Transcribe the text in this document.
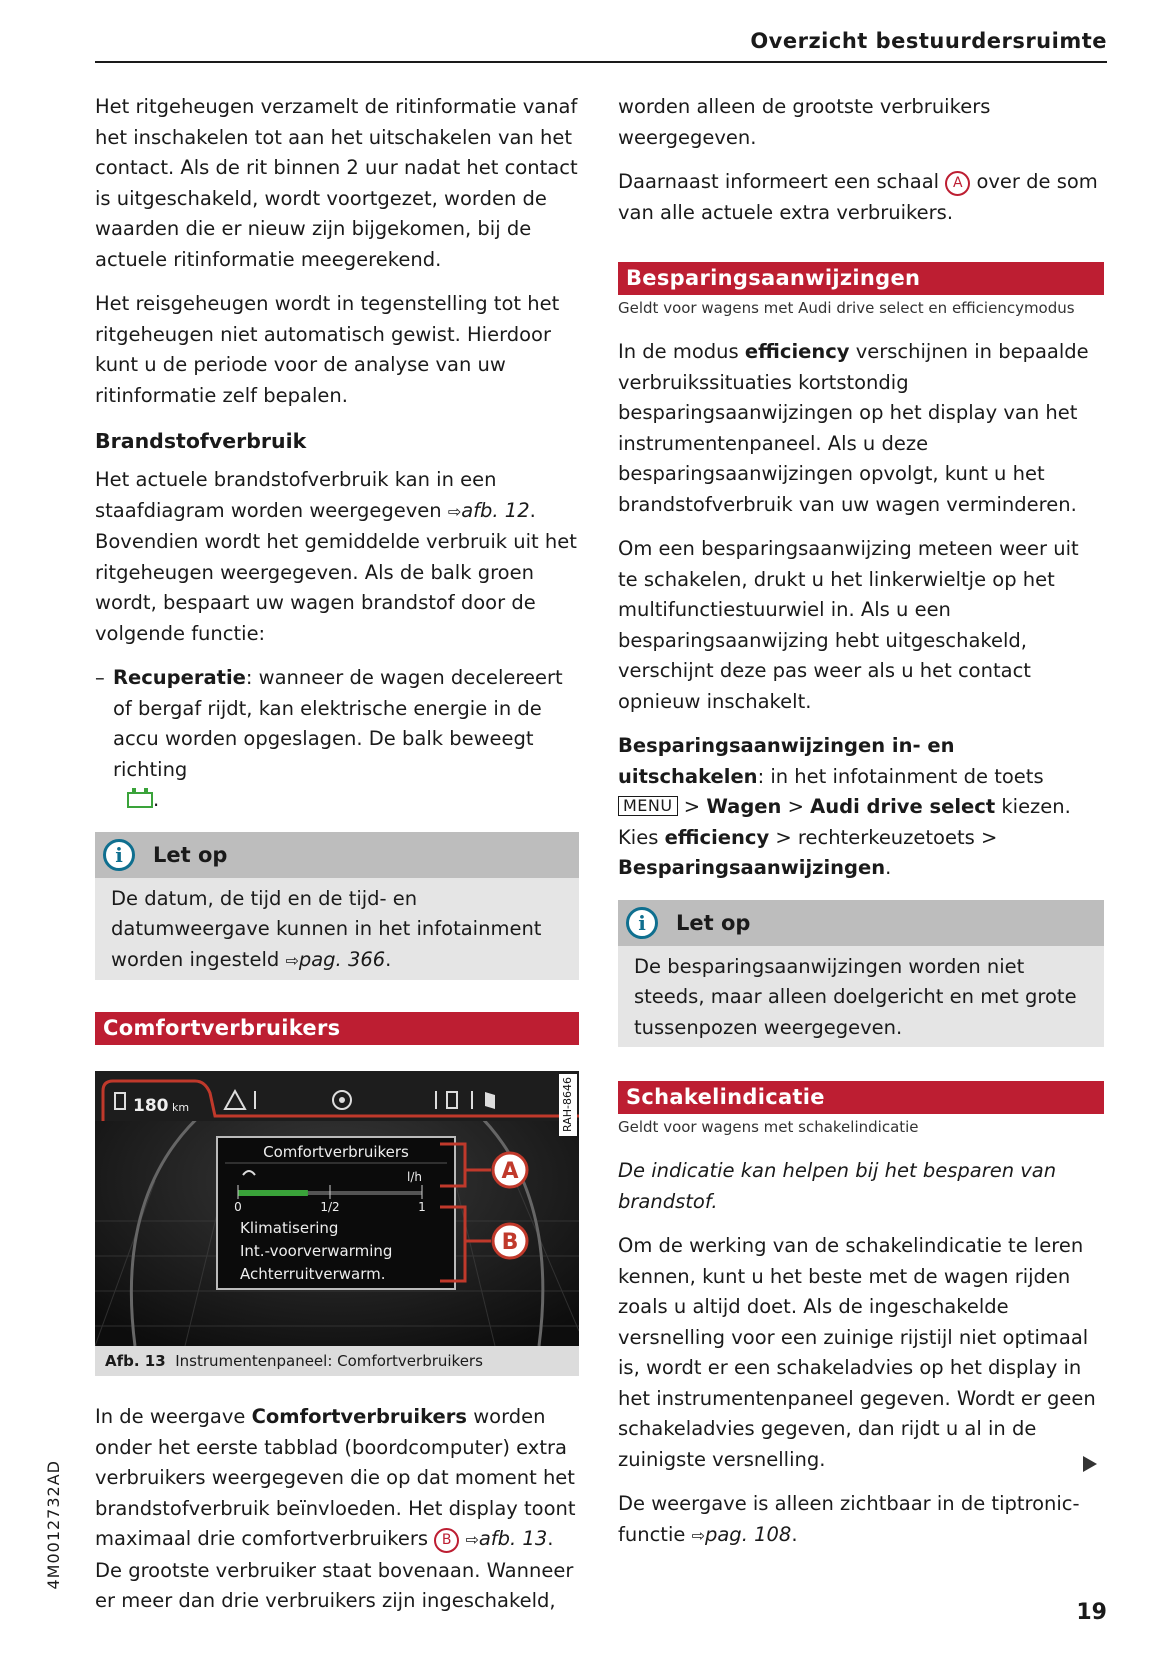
Overzicht bestuurdersruimte

Het ritgeheugen verzamelt de ritinformatie vanaf het inschakelen tot aan het uitschakelen van het contact. Als de rit binnen 2 uur nadat het contact is uitgeschakeld, wordt voortgezet, worden de waarden die er nieuw zijn bijgekomen, bij de actuele ritinformatie meegerekend.

Het reisgeheugen wordt in tegenstelling tot het ritgeheugen niet automatisch gewist. Hierdoor kunt u de periode voor de analyse van uw ritinformatie zelf bepalen.

Brandstofverbruik

Het actuele brandstofverbruik kan in een staafdiagram worden weergegeven ⇨afb. 12. Bovendien wordt het gemiddelde verbruik uit het ritgeheugen weergegeven. Als de balk groen wordt, bespaart uw wagen brandstof door de volgende functie:

– Recuperatie: wanneer de wagen decelereert of bergaf rijdt, kan elektrische energie in de accu worden opgeslagen. De balk beweegt richting
.
i	Let op

De datum, de tijd en de tijd- en datumweergave kunnen in het infotainment worden ingesteld ⇨pag. 366.

Comfortverbruikers
180 km
Comfortverbruikers
l/h
0	1/2	1
Klimatisering
Int.-voorverwarming
Achterruitverwarm.
A
B
RAH-8646
Afb. 13 Instrumentenpaneel: Comfortverbruikers

In de weergave Comfortverbruikers worden onder het eerste tabblad (boordcomputer) extra verbruikers weergegeven die op dat moment het brandstofverbruik beïnvloeden. Het display toont maximaal drie comfortverbruikers B ⇨afb. 13. De grootste verbruiker staat bovenaan. Wanneer er meer dan drie verbruikers zijn ingeschakeld,

worden alleen de grootste verbruikers weergegeven.

Daarnaast informeert een schaal A over de som van alle actuele extra verbruikers.

Besparingsaanwijzingen
Geldt voor wagens met Audi drive select en efficiencymodus

In de modus efficiency verschijnen in bepaalde verbruikssituaties kortstondig besparingsaanwijzingen op het display van het instrumentenpaneel. Als u deze besparingsaanwijzingen opvolgt, kunt u het brandstofverbruik van uw wagen verminderen.

Om een besparingsaanwijzing meteen weer uit te schakelen, drukt u het linkerwieltje op het multifunctiestuurwiel in. Als u een besparingsaanwijzing hebt uitgeschakeld, verschijnt deze pas weer als u het contact opnieuw inschakelt.

Besparingsaanwijzingen in- en uitschakelen: in het infotainment de toets MENU > Wagen > Audi drive select kiezen. Kies efficiency > rechterkeuzetoets > Besparingsaanwijzingen.

i	Let op

De besparingsaanwijzingen worden niet steeds, maar alleen doelgericht en met grote tussenpozen weergegeven.

Schakelindicatie
Geldt voor wagens met schakelindicatie

De indicatie kan helpen bij het besparen van brandstof.

Om de werking van de schakelindicatie te leren kennen, kunt u het beste met de wagen rijden zoals u altijd doet. Als de ingeschakelde versnelling voor een zuinige rijstijl niet optimaal is, wordt er een schakeladvies op het display in het instrumentenpaneel gegeven. Wordt er geen schakeladvies gegeven, dan rijdt u al in de zuinigste versnelling.

De weergave is alleen zichtbaar in de tiptronic-functie ⇨pag. 108.

4M0012732AD
19
